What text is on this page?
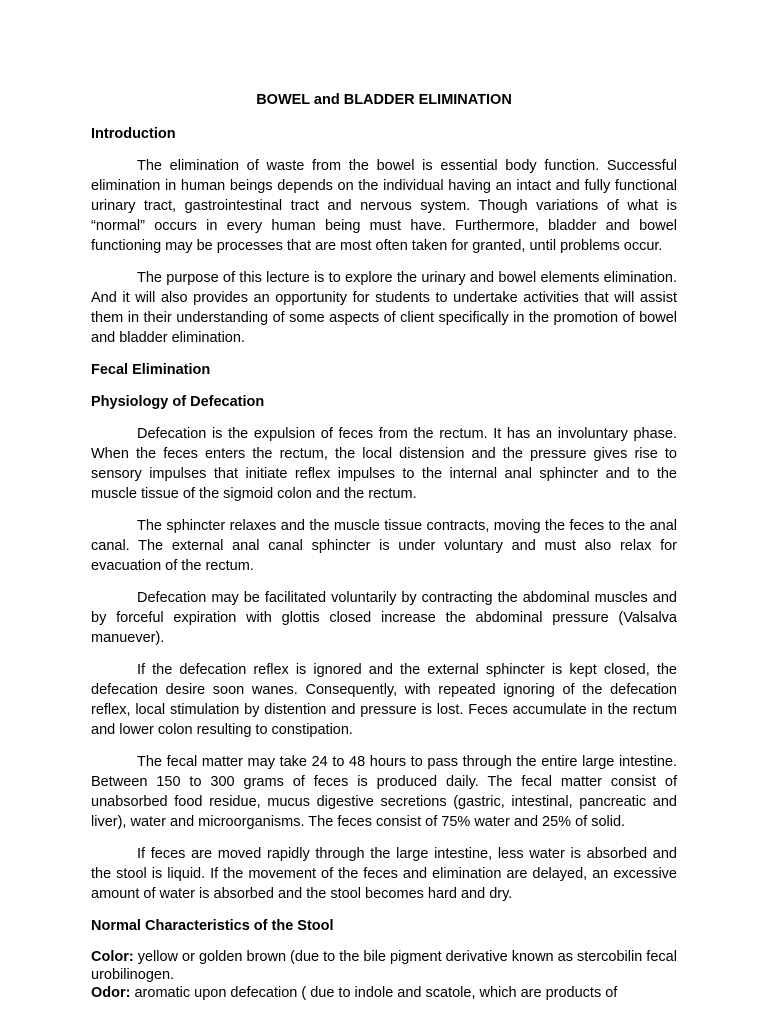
BOWEL and BLADDER ELIMINATION
Introduction

The elimination of waste from the bowel is essential body function. Successful elimination in human beings depends on the individual having an intact and fully functional urinary tract, gastrointestinal tract and nervous system. Though variations of what is “normal” occurs in every human being must have. Furthermore, bladder and bowel functioning may be processes that are most often taken for granted, until problems occur.

The purpose of this lecture is to explore the urinary and bowel elements elimination. And it will also provides an opportunity for students to undertake activities that will assist them in their understanding of some aspects of client specifically in the promotion of bowel and bladder elimination.

Fecal Elimination
Physiology of Defecation

Defecation is the expulsion of feces from the rectum. It has an involuntary phase. When the feces enters the rectum, the local distension and the pressure gives rise to sensory impulses that initiate reflex impulses to the internal anal sphincter and to the muscle tissue of the sigmoid colon and the rectum.

The sphincter relaxes and the muscle tissue contracts, moving the feces to the anal canal. The external anal canal sphincter is under voluntary and must also relax for evacuation of the rectum.

Defecation may be facilitated voluntarily by contracting the abdominal muscles and by forceful expiration with glottis closed increase the abdominal pressure (Valsalva manuever).

If the defecation reflex is ignored and the external sphincter is kept closed, the defecation desire soon wanes. Consequently, with repeated ignoring of the defecation reflex, local stimulation by distention and pressure is lost. Feces accumulate in the rectum and lower colon resulting to constipation.

The fecal matter may take 24 to 48 hours to pass through the entire large intestine. Between 150 to 300 grams of feces is produced daily. The fecal matter consist of unabsorbed food residue, mucus digestive secretions (gastric, intestinal, pancreatic and liver), water and microorganisms. The feces consist of 75% water and 25% of solid.

If feces are moved rapidly through the large intestine, less water is absorbed and the stool is liquid. If the movement of the feces and elimination are delayed, an excessive amount of water is absorbed and the stool becomes hard and dry.

Normal Characteristics of the Stool

Color: yellow or golden brown (due to the bile pigment derivative known as stercobilin fecal urobilinogen.

Odor: aromatic upon defecation ( due to indole and scatole, which are products of
